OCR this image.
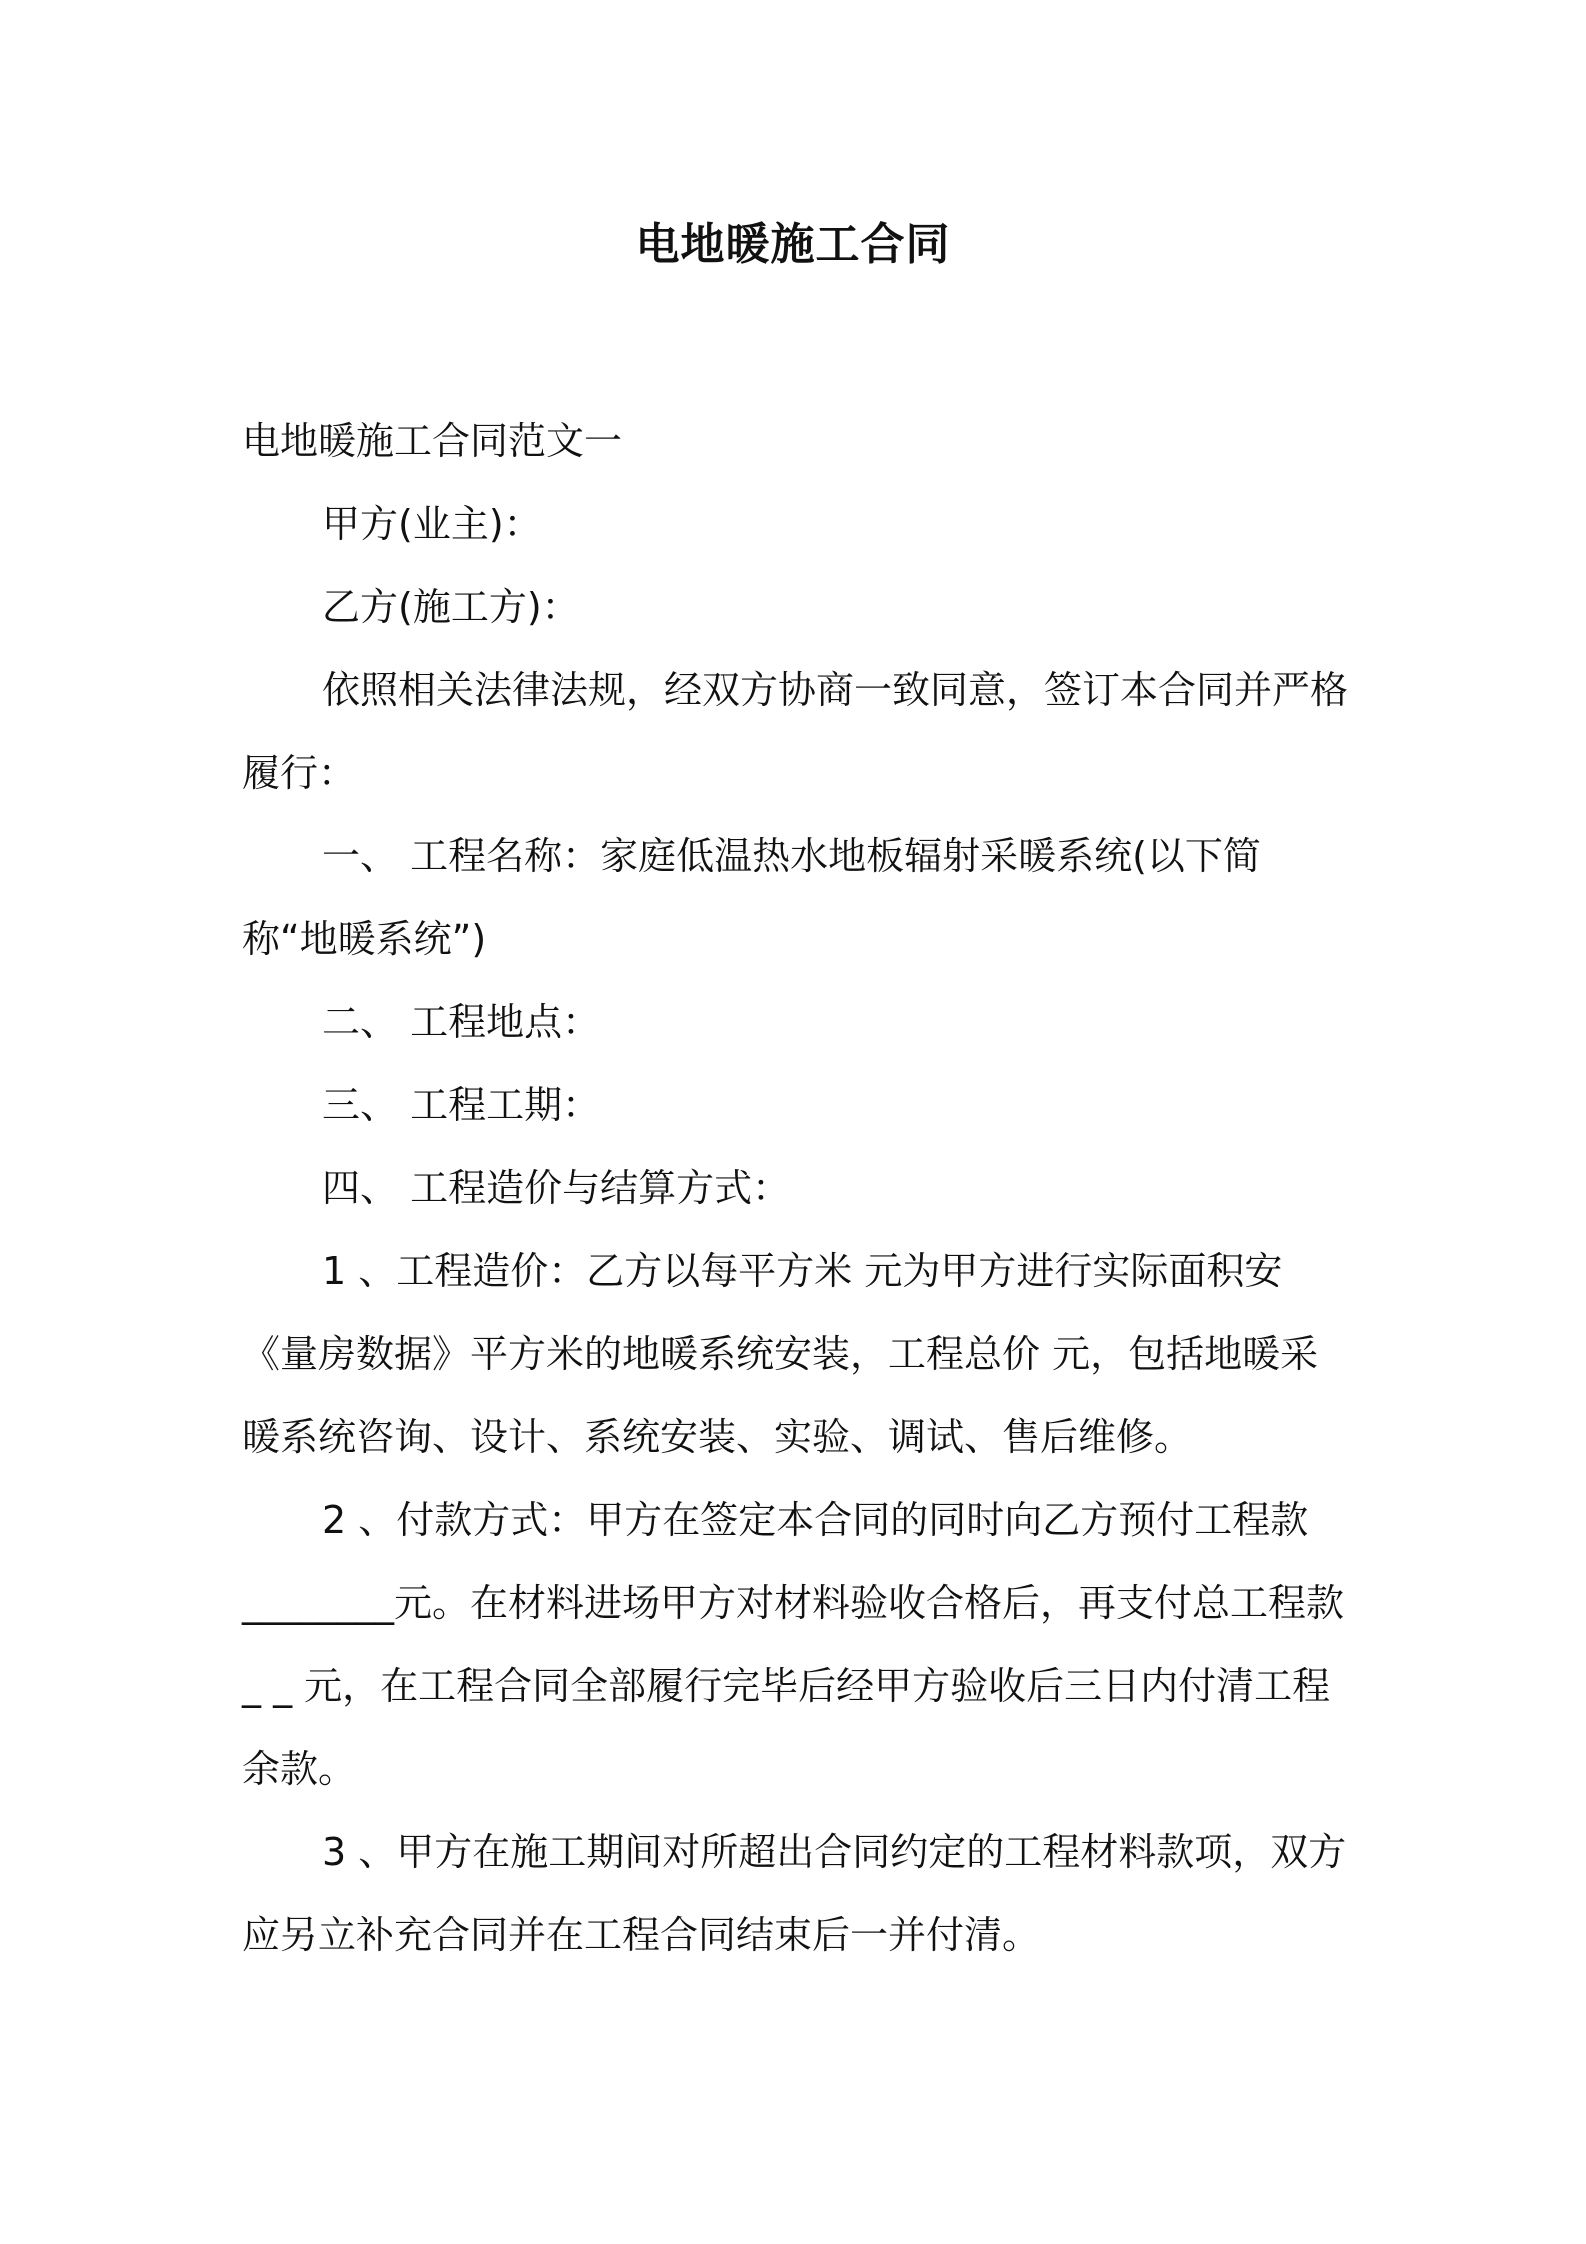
电地暖施工合同

电地暖施工合同范文一

甲方(业主)：

乙方(施工方)：

依照相关法律法规，经双方协商一致同意，签订本合同并严格履行：

一、 工程名称：家庭低温热水地板辐射采暖系统(以下简称“地暖系统”)

二、 工程地点：

三、 工程工期：

四、 工程造价与结算方式：

1 、工程造价：乙方以每平方米 元为甲方进行实际面积安《量房数据》平方米的地暖系统安装，工程总价 元，包括地暖采暖系统咨询、设计、系统安装、实验、调试、售后维修。

2 、付款方式：甲方在签定本合同的同时向乙方预付工程款________元。在材料进场甲方对材料验收合格后，再支付总工程款_ _ 元，在工程合同全部履行完毕后经甲方验收后三日内付清工程余款。

3 、甲方在施工期间对所超出合同约定的工程材料款项，双方应另立补充合同并在工程合同结束后一并付清。
